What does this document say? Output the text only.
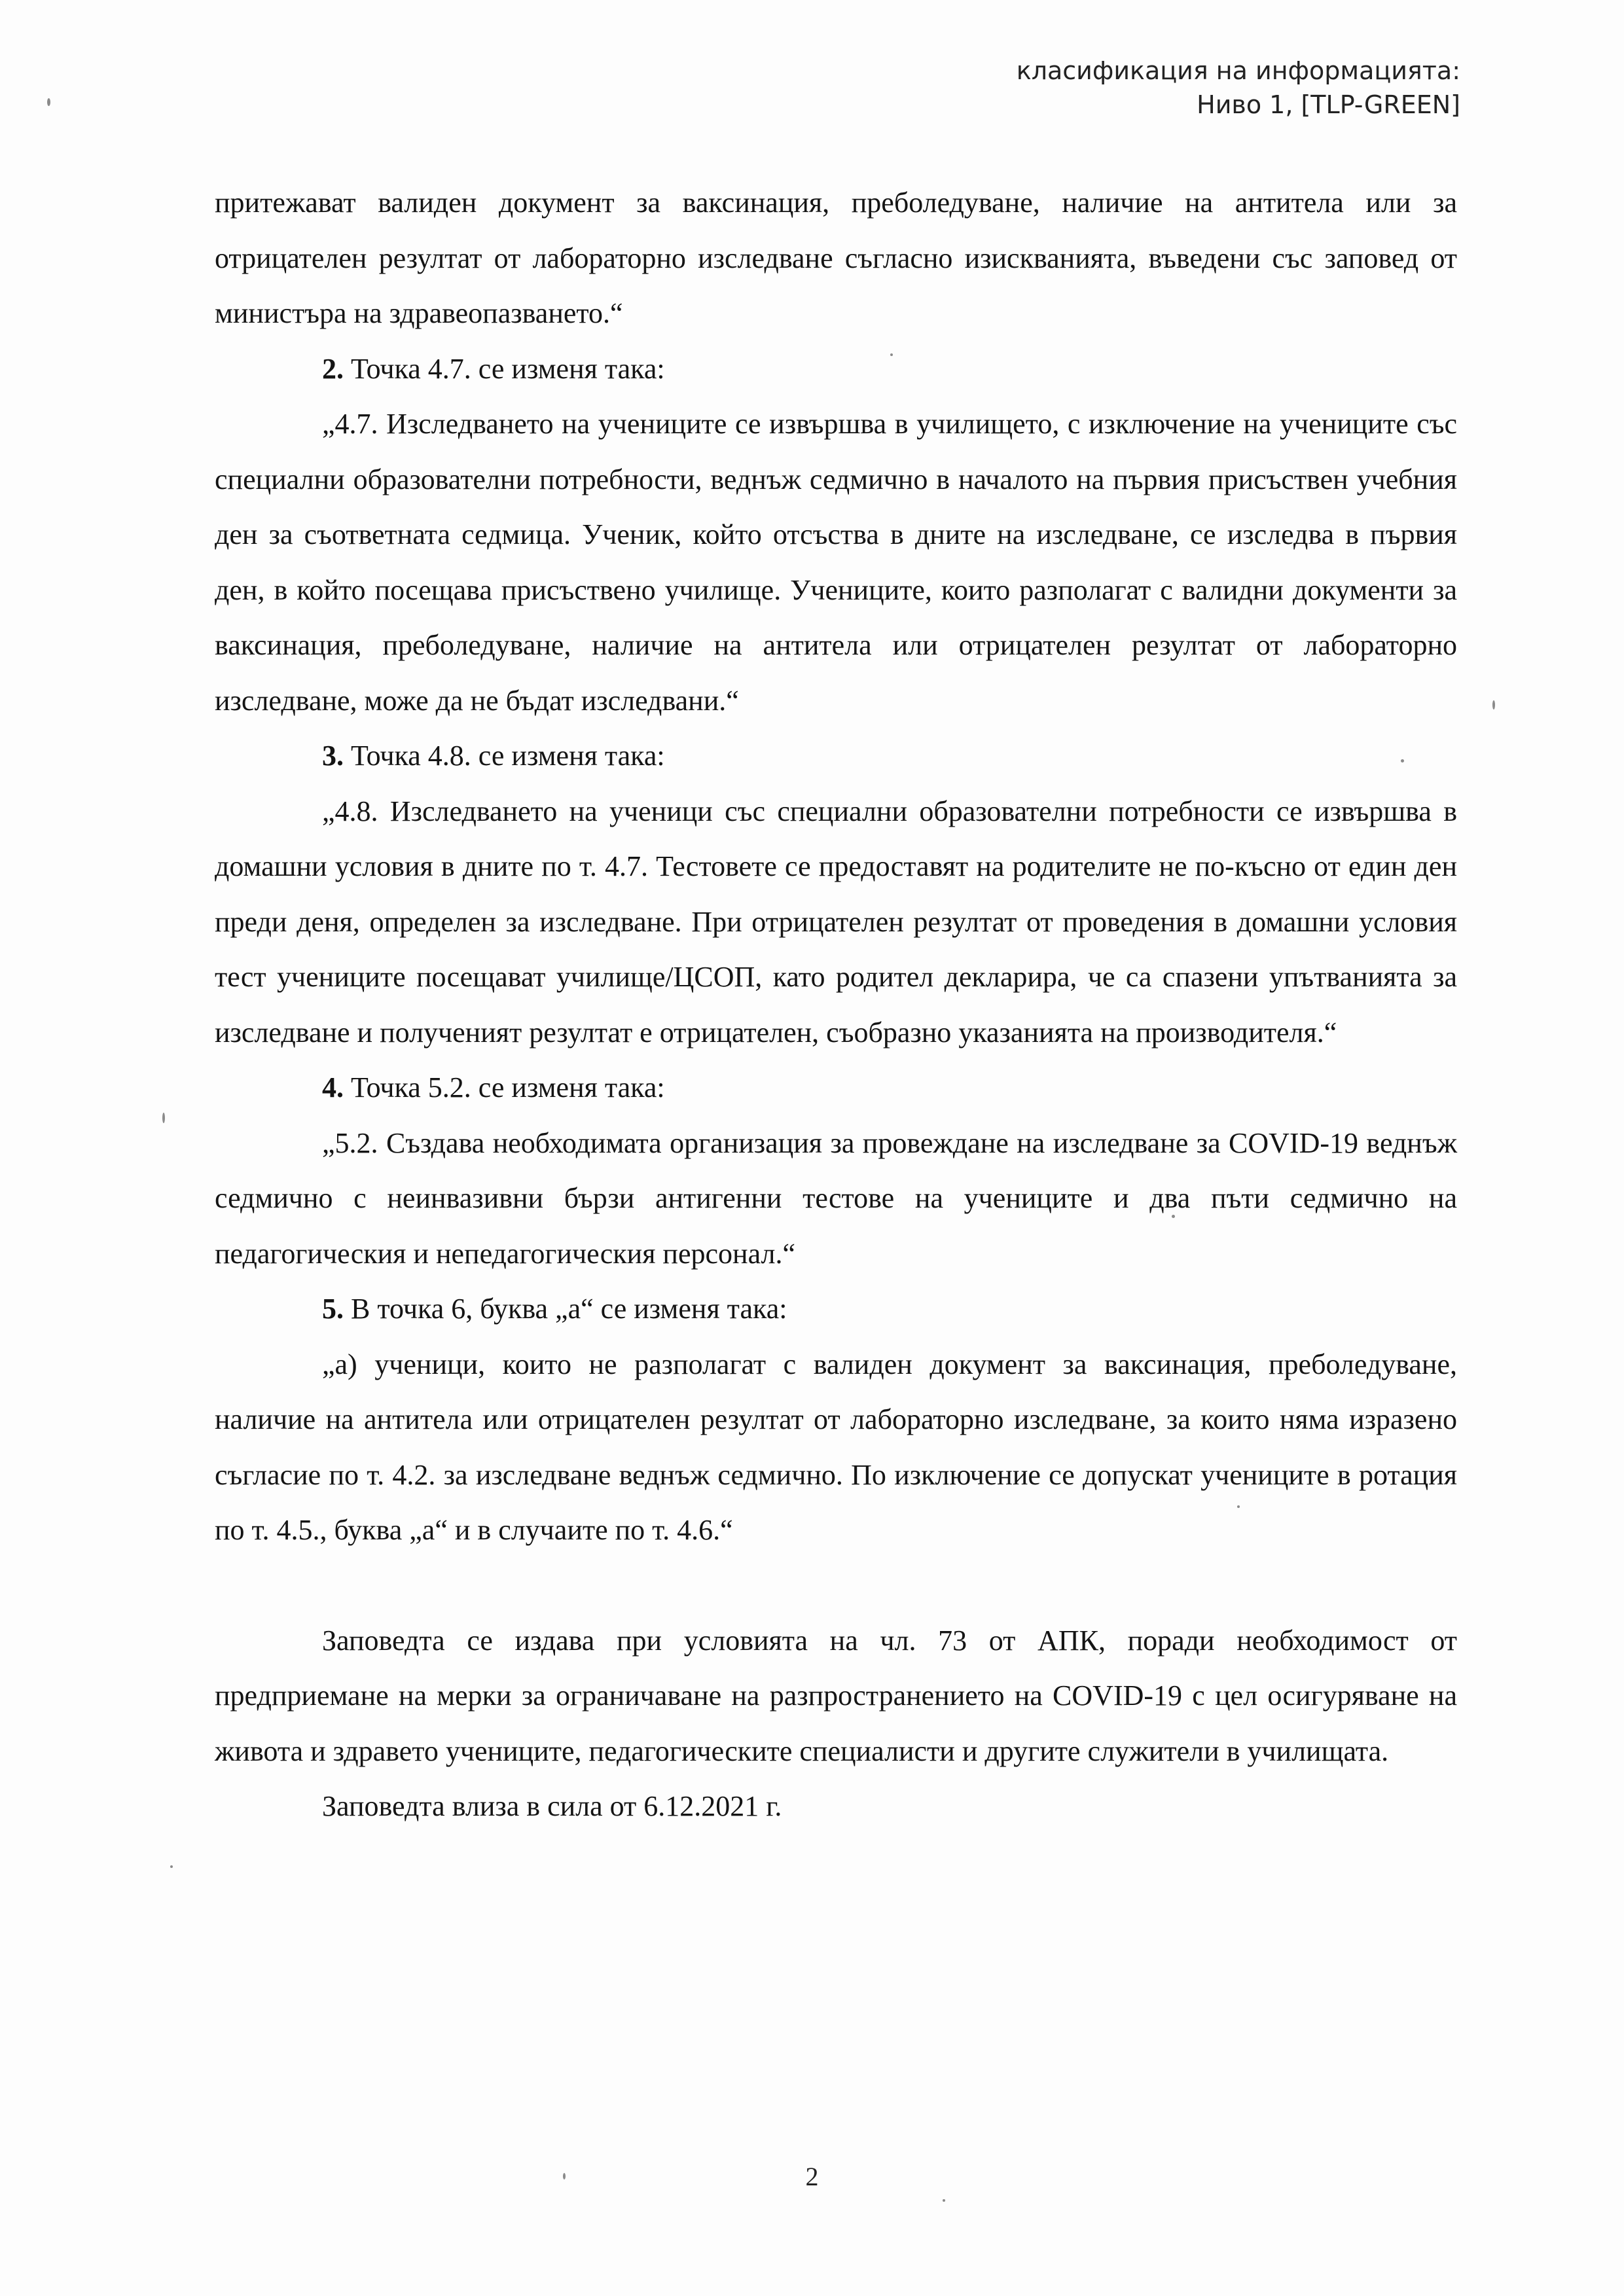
класификация на информацията:
Ниво 1, [TLP-GREEN]

притежават валиден документ за ваксинация, преболедуване, наличие на антитела или за отрицателен резултат от лабораторно изследване съгласно изискванията, въведени със заповед от министъра на здравеопазването.“

2. Точка 4.7. се изменя така:

„4.7. Изследването на учениците се извършва в училището, с изключение на учениците със специални образователни потребности, веднъж седмично в началото на първия присъствен учебния ден за съответната седмица. Ученик, който отсъства в дните на изследване, се изследва в първия ден, в който посещава присъствено училище. Учениците, които разполагат с валидни документи за ваксинация, преболедуване, наличие на антитела или отрицателен резултат от лабораторно изследване, може да не бъдат изследвани.“

3. Точка 4.8. се изменя така:

„4.8. Изследването на ученици със специални образователни потребности се извършва в домашни условия в дните по т. 4.7. Тестовете се предоставят на родителите не по-късно от един ден преди деня, определен за изследване. При отрицателен резултат от проведения в домашни условия тест учениците посещават училище/ЦСОП, като родител декларира, че са спазени упътванията за изследване и полученият резултат е отрицателен, съобразно указанията на производителя.“

4. Точка 5.2. се изменя така:

„5.2. Създава необходимата организация за провеждане на изследване за COVID-19 веднъж седмично с неинвазивни бързи антигенни тестове на учениците и два пъти седмично на педагогическия и непедагогическия персонал.“

5. В точка 6, буква „а“ се изменя така:

„а) ученици, които не разполагат с валиден документ за ваксинация, преболедуване, наличие на антитела или отрицателен резултат от лабораторно изследване, за които няма изразено съгласие по т. 4.2. за изследване веднъж седмично. По изключение се допускат учениците в ротация по т. 4.5., буква „а“ и в случаите по т. 4.6.“

Заповедта се издава при условията на чл. 73 от АПК, поради необходимост от предприемане на мерки за ограничаване на разпространението на COVID-19 с цел осигуряване на живота и здравето учениците, педагогическите специалисти и другите служители в училищата.

Заповедта влиза в сила от 6.12.2021 г.

2
